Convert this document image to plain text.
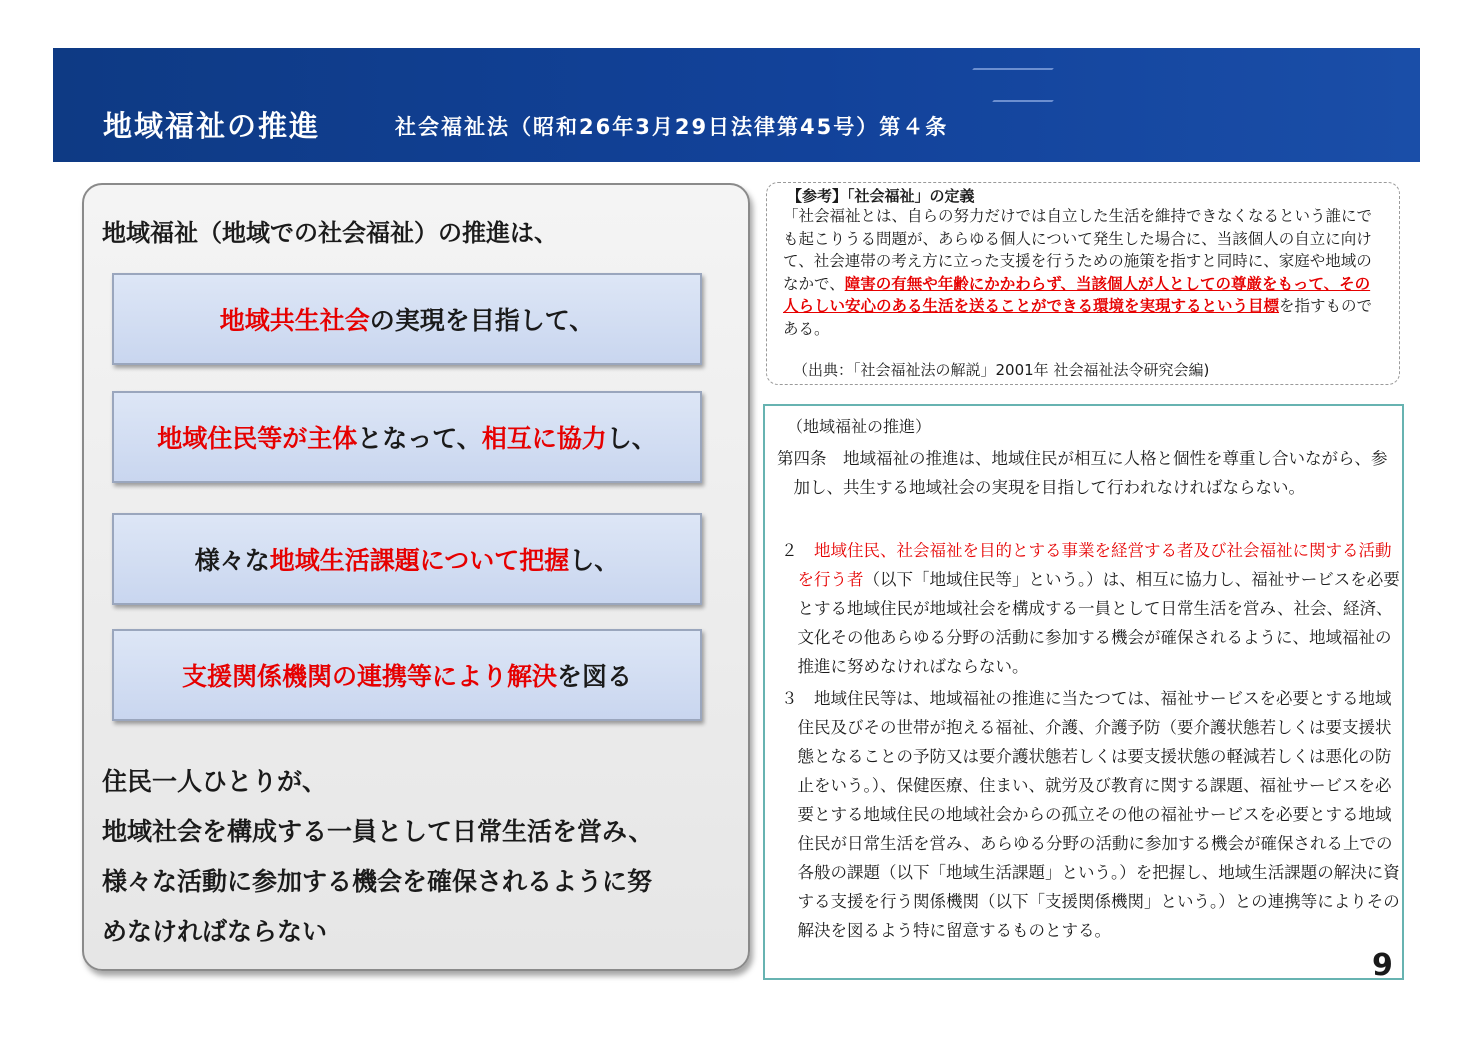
地域福祉の推進	社会福祉法（昭和26年3月29日法律第45号）第４条
地域福祉（地域での社会福祉）の推進は、
地域共生社会 の実現を目指して、
地域住民等が主体 となって、 相互に協力 し、
様々な 地域生活課題について把握 し、
支援関係機関の連携等により解決 を図る
住民一人ひとりが、
地域社会を構成する一員として日常生活を営み、
様々な活動に参加する機会を確保されるように努
めなければならない
【参考】「社会福祉」の定義
「社会福祉とは、自らの努力だけでは自立した生活を維持できなくなるという誰にでも起こりうる問題が、あらゆる個人について発生した場合に、当該個人の自立に向けて、社会連帯の考え方に立った支援を行うための施策を指すと同時に、家庭や地域のなかで、障害の有無や年齢にかかわらず、当該個人が人としての尊厳をもって、その人らしい安心のある生活を送ることができる環境を実現するという目標を指すものである。
（出典：「社会福祉法の解説」2001年 社会福祉法令研究会編)
（地域福祉の推進）
第四条　地域福祉の推進は、地域住民が相互に人格と個性を尊重し合いながら、参加し、共生する地域社会の実現を目指して行われなければならない。
２　 地域住民、社会福祉を目的とする事業を経営する者及び社会福祉に関する活動を行う者（以下「地域住民等」という。）は、相互に協力し、福祉サービスを必要とする地域住民が地域社会を構成する一員として日常生活を営み、社会、経済、文化その他あらゆる分野の活動に参加する機会が確保されるように、地域福祉の推進に努めなければならない。
３　 地域住民等は、地域福祉の推進に当たつては、福祉サービスを必要とする地域住民及びその世帯が抱える福祉、介護、介護予防（要介護状態若しくは要支援状態となることの予防又は要介護状態若しくは要支援状態の軽減若しくは悪化の防止をいう。）、保健医療、住まい、就労及び教育に関する課題、福祉サービスを必要とする地域住民の地域社会からの孤立その他の福祉サービスを必要とする地域住民が日常生活を営み、あらゆる分野の活動に参加する機会が確保される上での各般の課題（以下「地域生活課題」という。）を把握し、地域生活課題の解決に資する支援を行う関係機関（以下「支援関係機関」という。）との連携等によりその解決を図るよう特に留意するものとする。
9
